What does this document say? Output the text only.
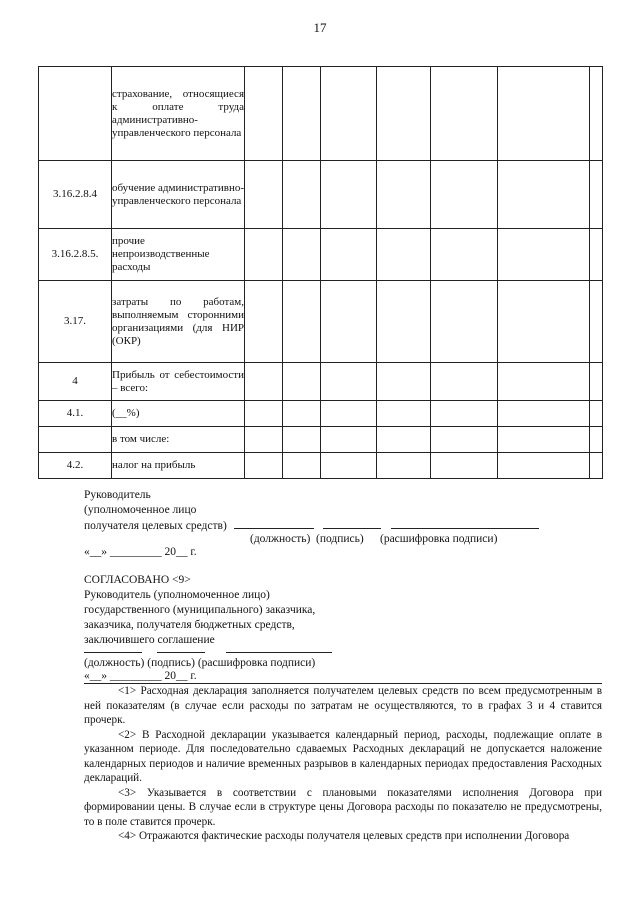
17
	страхование, относящиеся к оплате труда административно-управленческого персонала							
3.16.2.8.4	обучение административно-управленческого персонала							
3.16.2.8.5.	прочие непроизводственные расходы							
3.17.	затраты по работам, выполняемым сторонними организациями (для НИР (ОКР)							
4	Прибыль от себестоимости – всего:							
4.1.	(__%)							
	в том числе:							
4.2.	налог на прибыль							
Руководитель
(уполномоченное лицо
получателя целевых средств)
(должность) (подпись) (расшифровка подписи)
«__» _________ 20__ г.
СОГЛАСОВАНО <9>
Руководитель (уполномоченное лицо)
государственного (муниципального) заказчика,
заказчика, получателя бюджетных средств,
заключившего соглашение

(должность) (подпись) (расшифровка подписи)
«__» _________ 20__ г.

<1> Расходная декларация заполняется получателем целевых средств по всем предусмотренным в ней показателям (в случае если расходы по затратам не осуществляются, то в графах 3 и 4 ставится прочерк.

<2> В Расходной декларации указывается календарный период, расходы, подлежащие оплате в указанном периоде. Для последовательно сдаваемых Расходных деклараций не допускается наложение календарных периодов и наличие временных разрывов в календарных периодах предоставления Расходных деклараций.

<3> Указывается в соответствии с плановыми показателями исполнения Договора при формировании цены. В случае если в структуре цены Договора расходы по показателю не предусмотрены, то в поле ставится прочерк.

<4> Отражаются фактические расходы получателя целевых средств при исполнении Договора
